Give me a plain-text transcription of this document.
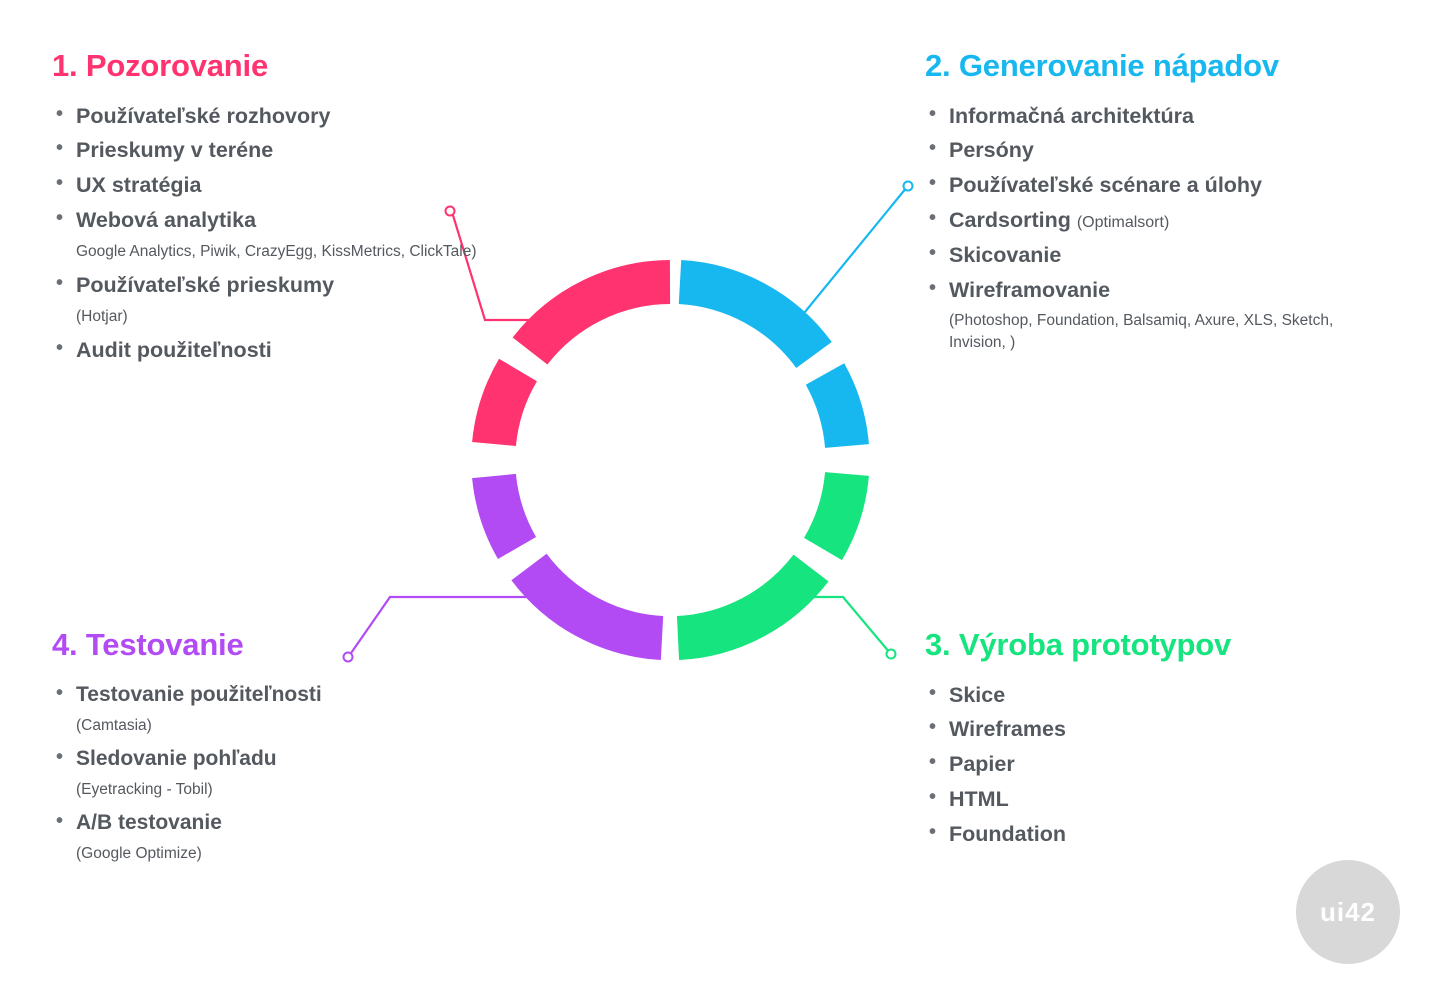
1. Pozorovanie
• Používateľské rozhovory
• Prieskumy v teréne
• UX stratégia
• Webová analytika
Google Analytics, Piwik, CrazyEgg, KissMetrics, ClickTale)
• Používateľské prieskumy
(Hotjar)
• Audit použiteľnosti
2. Generovanie nápadov
• Informačná architektúra
• Persóny
• Používateľské scénare a úlohy
• Cardsorting (Optimalsort)
• Skicovanie
• Wireframovanie
(Photoshop, Foundation, Balsamiq, Axure, XLS, Sketch, Invision, )
4. Testovanie
• Testovanie použiteľnosti
(Camtasia)
• Sledovanie pohľadu
(Eyetracking - Tobil)
• A/B testovanie
(Google Optimize)
3. Výroba prototypov
• Skice
• Wireframes
• Papier
• HTML
• Foundation
ui42
